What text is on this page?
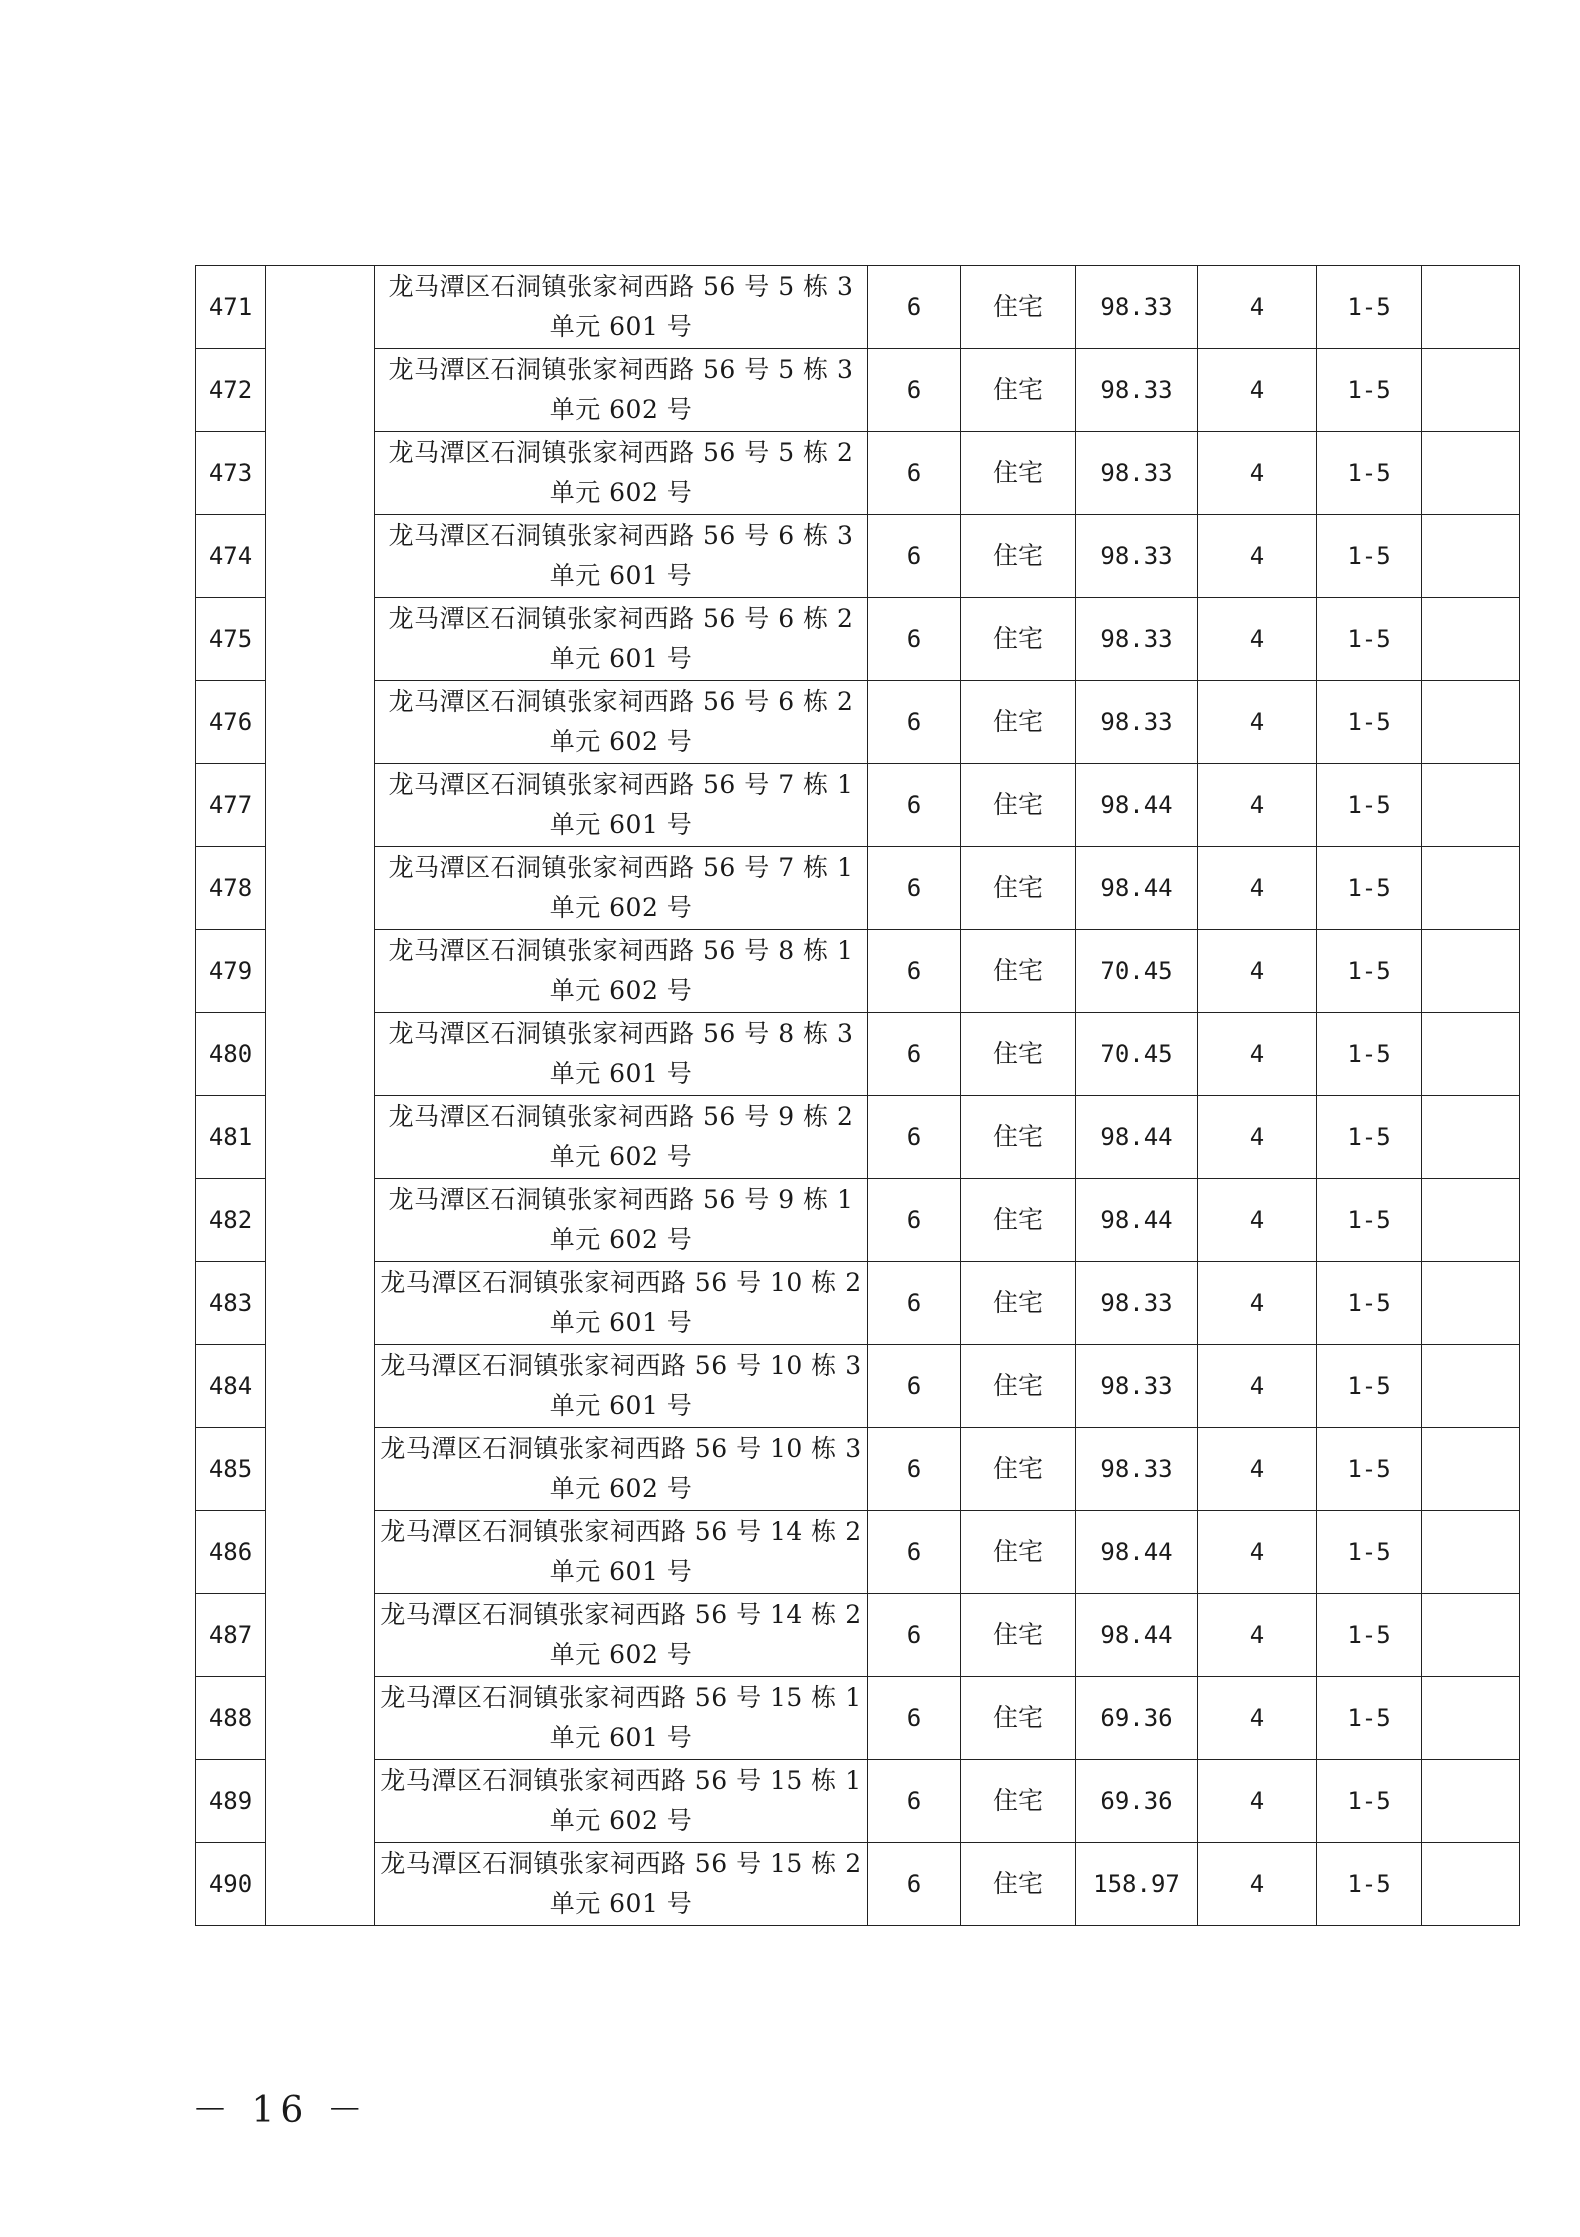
471		龙马潭区石洞镇张家祠西路 56 号 5 栋 3
单元 601 号	6	住宅	98.33	4	1-5	
472		龙马潭区石洞镇张家祠西路 56 号 5 栋 3
单元 602 号	6	住宅	98.33	4	1-5	
473		龙马潭区石洞镇张家祠西路 56 号 5 栋 2
单元 602 号	6	住宅	98.33	4	1-5	
474		龙马潭区石洞镇张家祠西路 56 号 6 栋 3
单元 601 号	6	住宅	98.33	4	1-5	
475		龙马潭区石洞镇张家祠西路 56 号 6 栋 2
单元 601 号	6	住宅	98.33	4	1-5	
476		龙马潭区石洞镇张家祠西路 56 号 6 栋 2
单元 602 号	6	住宅	98.33	4	1-5	
477		龙马潭区石洞镇张家祠西路 56 号 7 栋 1
单元 601 号	6	住宅	98.44	4	1-5	
478		龙马潭区石洞镇张家祠西路 56 号 7 栋 1
单元 602 号	6	住宅	98.44	4	1-5	
479		龙马潭区石洞镇张家祠西路 56 号 8 栋 1
单元 602 号	6	住宅	70.45	4	1-5	
480		龙马潭区石洞镇张家祠西路 56 号 8 栋 3
单元 601 号	6	住宅	70.45	4	1-5	
481		龙马潭区石洞镇张家祠西路 56 号 9 栋 2
单元 602 号	6	住宅	98.44	4	1-5	
482		龙马潭区石洞镇张家祠西路 56 号 9 栋 1
单元 602 号	6	住宅	98.44	4	1-5	
483		龙马潭区石洞镇张家祠西路 56 号 10 栋 2
单元 601 号	6	住宅	98.33	4	1-5	
484		龙马潭区石洞镇张家祠西路 56 号 10 栋 3
单元 601 号	6	住宅	98.33	4	1-5	
485		龙马潭区石洞镇张家祠西路 56 号 10 栋 3
单元 602 号	6	住宅	98.33	4	1-5	
486		龙马潭区石洞镇张家祠西路 56 号 14 栋 2
单元 601 号	6	住宅	98.44	4	1-5	
487		龙马潭区石洞镇张家祠西路 56 号 14 栋 2
单元 602 号	6	住宅	98.44	4	1-5	
488		龙马潭区石洞镇张家祠西路 56 号 15 栋 1
单元 601 号	6	住宅	69.36	4	1-5	
489		龙马潭区石洞镇张家祠西路 56 号 15 栋 1
单元 602 号	6	住宅	69.36	4	1-5	
490		龙马潭区石洞镇张家祠西路 56 号 15 栋 2
单元 601 号	6	住宅	158.97	4	1-5	
－ 16 －
